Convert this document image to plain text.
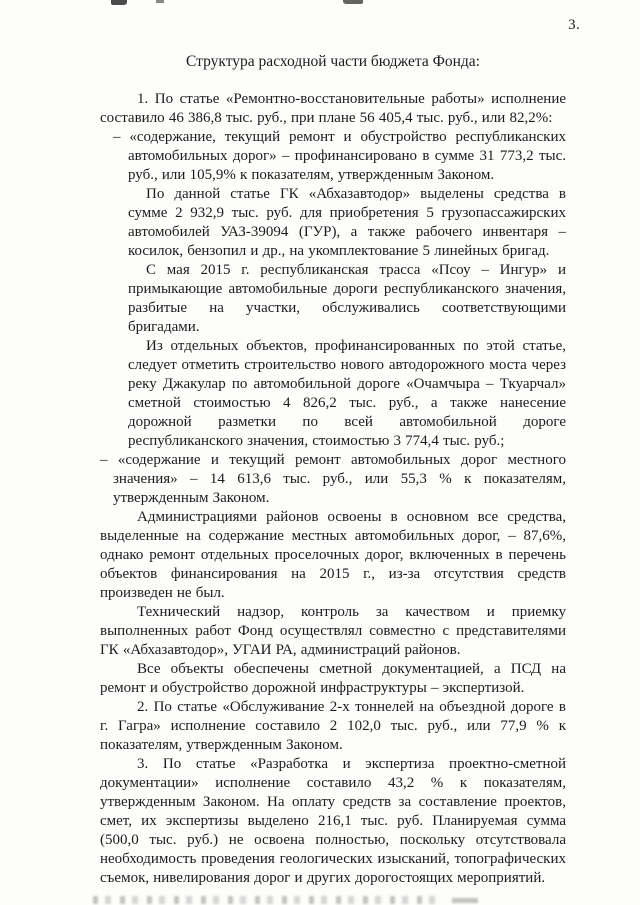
3.
Структура расходной части бюджета Фонда:

1. По статье «Ремонтно-восстановительные работы» исполнение составило 46 386,8 тыс. руб., при плане 56 405,4 тыс. руб., или 82,2%:

– «содержание, текущий ремонт и обустройство республиканских автомобильных дорог» – профинансировано в сумме 31 773,2 тыс. руб., или 105,9% к показателям, утвержденным Законом.

По данной статье ГК «Абхазавтодор» выделены средства в сумме 2 932,9 тыс. руб. для приобретения 5 грузопассажирских автомобилей УАЗ-39094 (ГУР), а также рабочего инвентаря – косилок, бензопил и др., на укомплектование 5 линейных бригад.

С мая 2015 г. республиканская трасса «Псоу – Ингур» и примыкающие автомобильные дороги республиканского значения, разбитые на участки, обслуживались соответствующими бригадами.

Из отдельных объектов, профинансированных по этой статье, следует отметить строительство нового автодорожного моста через реку Джакулар по автомобильной дороге «Очамчыра – Ткуарчал» сметной стоимостью 4 826,2 тыс. руб., а также нанесение дорожной разметки по всей автомобильной дороге республиканского значения, стоимостью 3 774,4 тыс. руб.;

– «содержание и текущий ремонт автомобильных дорог местного значения» – 14 613,6 тыс. руб., или 55,3 % к показателям, утвержденным Законом.

Администрациями районов освоены в основном все средства, выделенные на содержание местных автомобильных дорог, – 87,6%, однако ремонт отдельных проселочных дорог, включенных в перечень объектов финансирования на 2015 г., из-за отсутствия средств произведен не был.

Технический надзор, контроль за качеством и приемку выполненных работ Фонд осуществлял совместно с представителями ГК «Абхазавтодор», УГАИ РА, администраций районов.

Все объекты обеспечены сметной документацией, а ПСД на ремонт и обустройство дорожной инфраструктуры – экспертизой.

2. По статье «Обслуживание 2-х тоннелей на объездной дороге в г. Гагра» исполнение составило 2 102,0 тыс. руб., или 77,9 % к показателям, утвержденным Законом.

3. По статье «Разработка и экспертиза проектно-сметной документации» исполнение составило 43,2 % к показателям, утвержденным Законом. На оплату средств за составление проектов, смет, их экспертизы выделено 216,1 тыс. руб. Планируемая сумма (500,0 тыс. руб.) не освоена полностью, поскольку отсутствовала необходимость проведения геологических изысканий, топографических съемок, нивелирования дорог и других дорогостоящих мероприятий.
